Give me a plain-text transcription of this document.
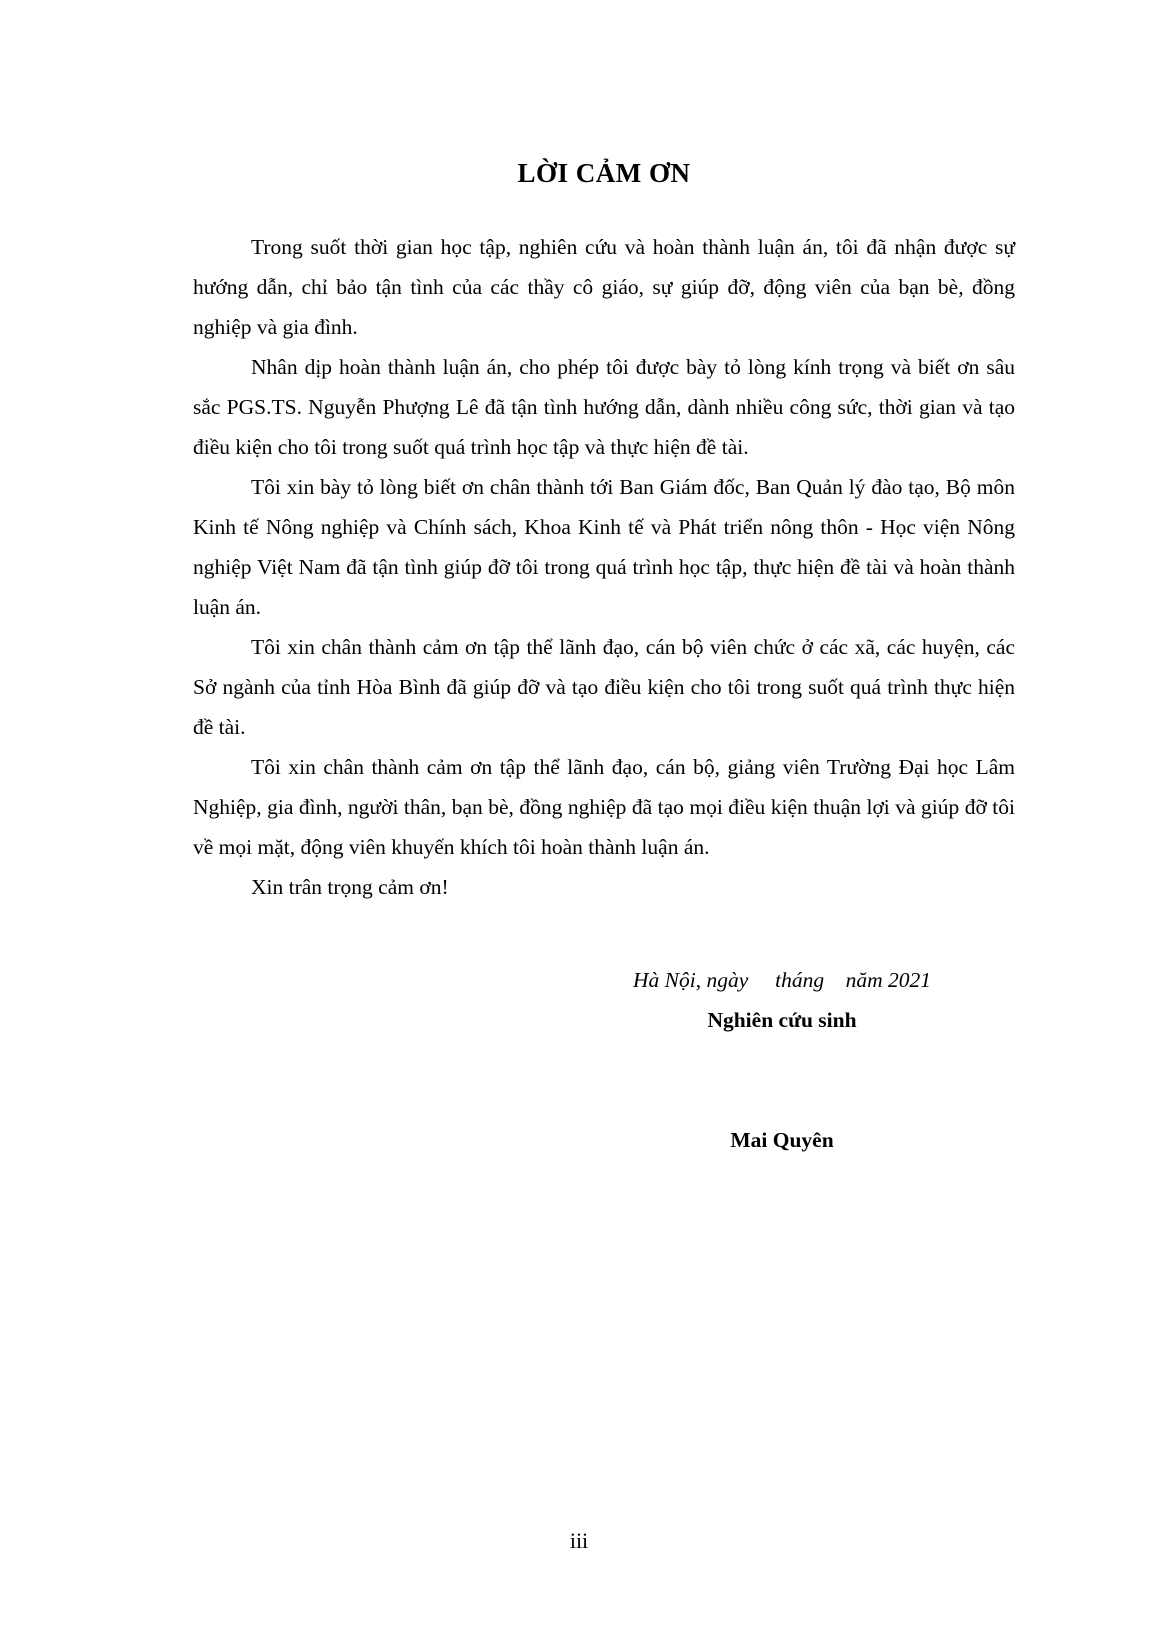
LỜI CẢM ƠN

Trong suốt thời gian học tập, nghiên cứu và hoàn thành luận án, tôi đã nhận được sự hướng dẫn, chỉ bảo tận tình của các thầy cô giáo, sự giúp đỡ, động viên của bạn bè, đồng nghiệp và gia đình.

Nhân dịp hoàn thành luận án, cho phép tôi được bày tỏ lòng kính trọng và biết ơn sâu sắc PGS.TS. Nguyễn Phượng Lê đã tận tình hướng dẫn, dành nhiều công sức, thời gian và tạo điều kiện cho tôi trong suốt quá trình học tập và thực hiện đề tài.

Tôi xin bày tỏ lòng biết ơn chân thành tới Ban Giám đốc, Ban Quản lý đào tạo, Bộ môn Kinh tế Nông nghiệp và Chính sách, Khoa Kinh tế và Phát triển nông thôn - Học viện Nông nghiệp Việt Nam đã tận tình giúp đỡ tôi trong quá trình học tập, thực hiện đề tài và hoàn thành luận án.

Tôi xin chân thành cảm ơn tập thể lãnh đạo, cán bộ viên chức ở các xã, các huyện, các Sở ngành của tỉnh Hòa Bình đã giúp đỡ và tạo điều kiện cho tôi trong suốt quá trình thực hiện đề tài.

Tôi xin chân thành cảm ơn tập thể lãnh đạo, cán bộ, giảng viên Trường Đại học Lâm Nghiệp, gia đình, người thân, bạn bè, đồng nghiệp đã tạo mọi điều kiện thuận lợi và giúp đỡ tôi về mọi mặt, động viên khuyến khích tôi hoàn thành luận án.

Xin trân trọng cảm ơn!

Hà Nội, ngày     tháng    năm 2021
Nghiên cứu sinh
Mai Quyên
iii
